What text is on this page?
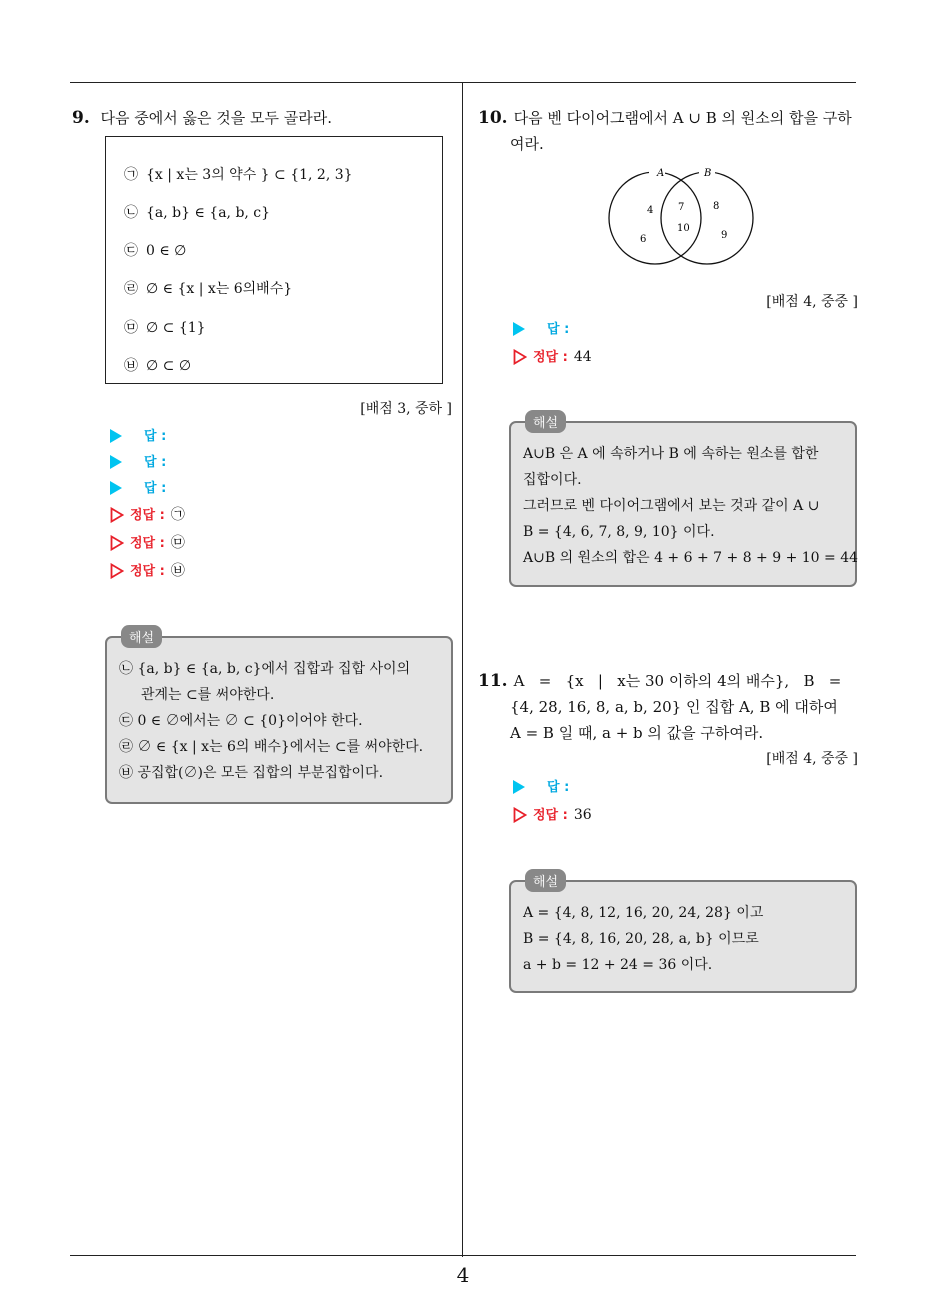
4
9. 다음 중에서 옳은 것을 모두 골라라.
㉠ {x | x는 3의 약수 } ⊂ {1, 2, 3}
㉡ {a, b} ∈ {a, b, c}
㉢ 0 ∈ ∅
㉣ ∅ ∈ {x | x는 6의배수}
㉤ ∅ ⊂ {1}
㉥ ∅ ⊂ ∅
[배점 3, 중하 ]
답 :
답 :
답 :
정답 : ㉠
정답 : ㉤
정답 : ㉥
해설
㉡ {a, b} ∈ {a, b, c}에서 집합과 집합 사이의
관계는 ⊂를 써야한다.
㉢ 0 ∈ ∅에서는 ∅ ⊂ {0}이어야 한다.
㉣ ∅ ∈ {x | x는 6의 배수}에서는 ⊂를 써야한다.
㉥ 공집합(∅)은 모든 집합의 부분집합이다.
10. 다음 벤 다이어그램에서 A ∪ B 의 원소의 합을 구하
여라.
A	B
4
6
7
10
8
9
[배점 4, 중중 ]
답 :
정답 : 44
해설
A∪B 은 A 에 속하거나 B 에 속하는 원소를 합한
집합이다.
그러므로 벤 다이어그램에서 보는 것과 같이 A ∪
B = {4, 6, 7, 8, 9, 10} 이다.
A∪B 의 원소의 합은 4 + 6 + 7 + 8 + 9 + 10 = 44
11. A   =   {x   |   x는 30 이하의 4의 배수},   B   =
{4, 28, 16, 8, a, b, 20} 인 집합 A, B 에 대하여
A = B 일 때, a + b 의 값을 구하여라.
[배점 4, 중중 ]
답 :
정답 : 36
해설
A = {4, 8, 12, 16, 20, 24, 28} 이고
B = {4, 8, 16, 20, 28, a, b} 이므로
a + b = 12 + 24 = 36 이다.
